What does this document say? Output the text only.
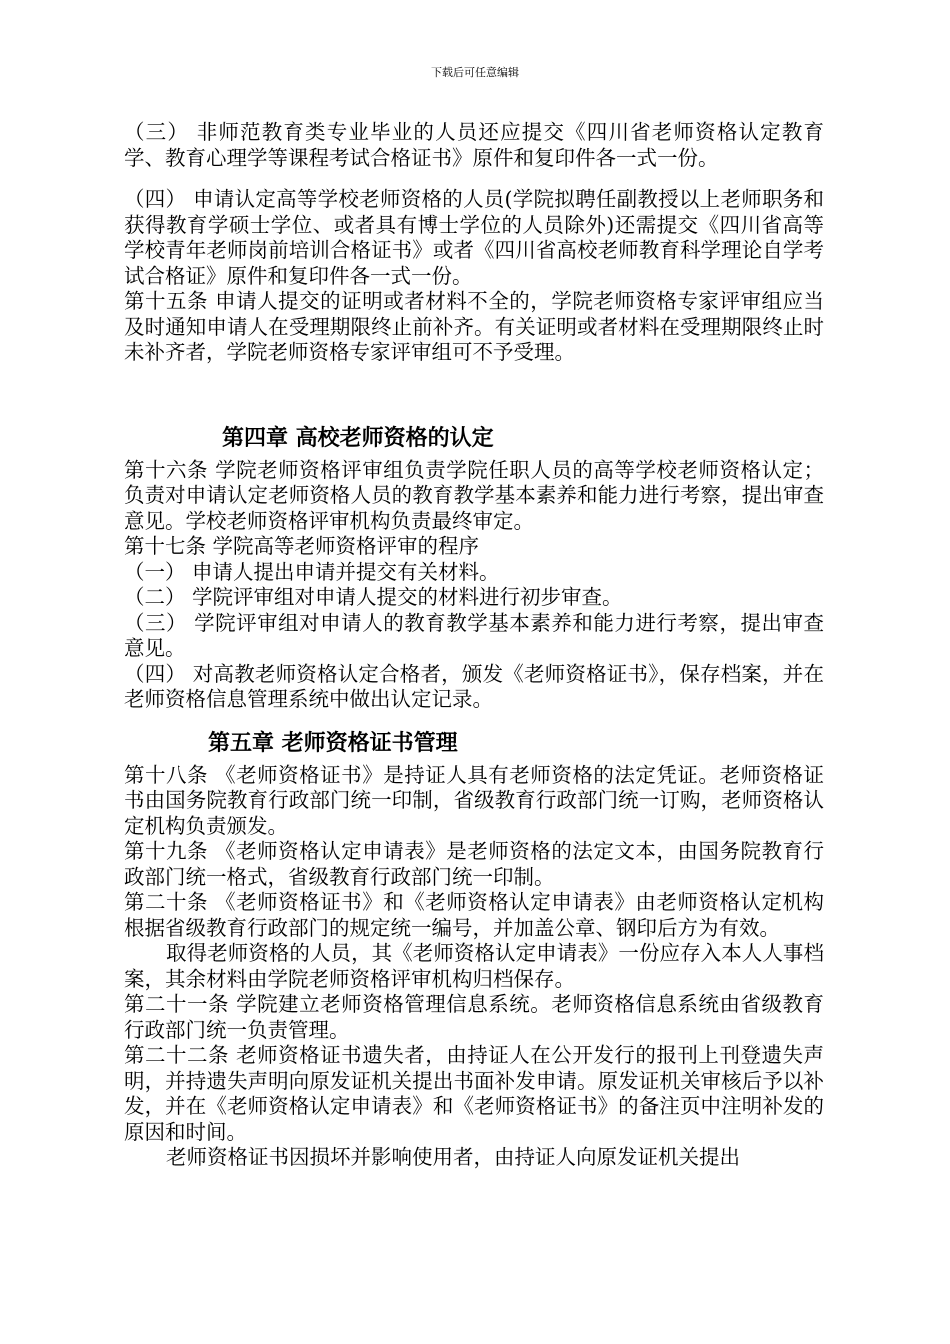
下载后可任意编辑

（三） 非师范教育类专业毕业的人员还应提交《四川省老师资格认定教育学、教育心理学等课程考试合格证书》原件和复印件各一式一份。

（四） 申请认定高等学校老师资格的人员(学院拟聘任副教授以上老师职务和获得教育学硕士学位、或者具有博士学位的人员除外)还需提交《四川省高等学校青年老师岗前培训合格证书》或者《四川省高校老师教育科学理论自学考试合格证》原件和复印件各一式一份。

第十五条 申请人提交的证明或者材料不全的，学院老师资格专家评审组应当及时通知申请人在受理期限终止前补齐。有关证明或者材料在受理期限终止时未补齐者，学院老师资格专家评审组可不予受理。

第四章 高校老师资格的认定

第十六条 学院老师资格评审组负责学院任职人员的高等学校老师资格认定；负责对申请认定老师资格人员的教育教学基本素养和能力进行考察，提出审查意见。学校老师资格评审机构负责最终审定。

第十七条 学院高等老师资格评审的程序

（一） 申请人提出申请并提交有关材料。

（二） 学院评审组对申请人提交的材料进行初步审查。

（三） 学院评审组对申请人的教育教学基本素养和能力进行考察，提出审查意见。

（四） 对高教老师资格认定合格者，颁发《老师资格证书》，保存档案，并在老师资格信息管理系统中做出认定记录。

第五章 老师资格证书管理

第十八条 《老师资格证书》是持证人具有老师资格的法定凭证。老师资格证书由国务院教育行政部门统一印制，省级教育行政部门统一订购，老师资格认定机构负责颁发。

第十九条 《老师资格认定申请表》是老师资格的法定文本，由国务院教育行政部门统一格式，省级教育行政部门统一印制。

第二十条 《老师资格证书》和《老师资格认定申请表》由老师资格认定机构根据省级教育行政部门的规定统一编号，并加盖公章、钢印后方为有效。

取得老师资格的人员，其《老师资格认定申请表》一份应存入本人人事档案，其余材料由学院老师资格评审机构归档保存。

第二十一条 学院建立老师资格管理信息系统。老师资格信息系统由省级教育行政部门统一负责管理。

第二十二条 老师资格证书遗失者，由持证人在公开发行的报刊上刊登遗失声明，并持遗失声明向原发证机关提出书面补发申请。原发证机关审核后予以补发，并在《老师资格认定申请表》和《老师资格证书》的备注页中注明补发的原因和时间。

老师资格证书因损坏并影响使用者，由持证人向原发证机关提出
